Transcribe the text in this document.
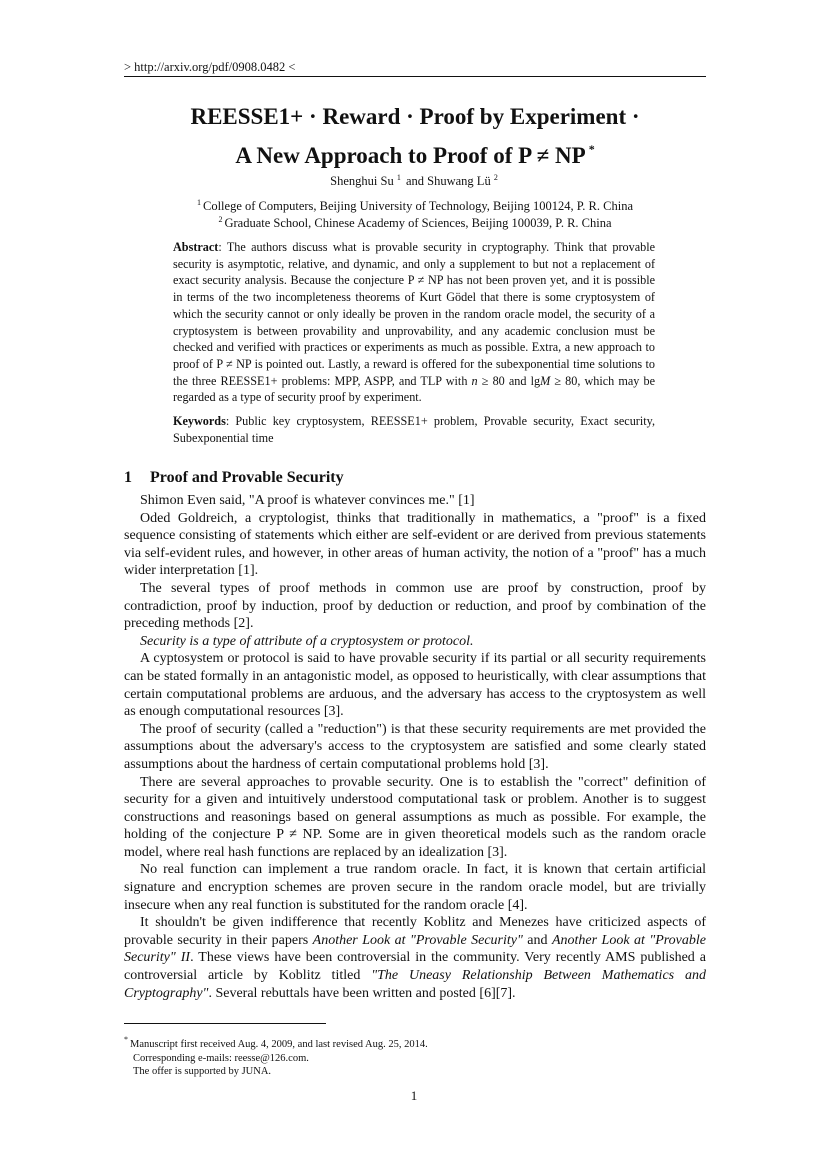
> http://arxiv.org/pdf/0908.0482 <
REESSE1+ · Reward · Proof by Experiment ·
A New Approach to Proof of P ≠ NP *
Shenghui Su $^1$ and Shuwang Lü $^2$
$^1$ College of Computers, Beijing University of Technology, Beijing 100124, P. R. China
$^2$ Graduate School, Chinese Academy of Sciences, Beijing 100039, P. R. China
Abstract: The authors discuss what is provable security in cryptography. Think that provable security is asymptotic, relative, and dynamic, and only a supplement to but not a replacement of exact security analysis. Because the conjecture P ≠ NP has not been proven yet, and it is possible in terms of the two incompleteness theorems of Kurt Gödel that there is some cryptosystem of which the security cannot or only ideally be proven in the random oracle model, the security of a cryptosystem is between provability and unprovability, and any academic conclusion must be checked and verified with practices or experiments as much as possible. Extra, a new approach to proof of P ≠ NP is pointed out. Lastly, a reward is offered for the subexponential time solutions to the three REESSE1+ problems: MPP, ASPP, and TLP with n ≥ 80 and lgM ≥ 80, which may be regarded as a type of security proof by experiment.
Keywords: Public key cryptosystem, REESSE1+ problem, Provable security, Exact security, Subexponential time
1 Proof and Provable Security

Shimon Even said, "A proof is whatever convinces me." [1]

Oded Goldreich, a cryptologist, thinks that traditionally in mathematics, a "proof" is a fixed sequence consisting of statements which either are self-evident or are derived from previous statements via self-evident rules, and however, in other areas of human activity, the notion of a "proof" has a much wider interpretation [1].

The several types of proof methods in common use are proof by construction, proof by contradiction, proof by induction, proof by deduction or reduction, and proof by combination of the preceding methods [2].

Security is a type of attribute of a cryptosystem or protocol.

A cyptosystem or protocol is said to have provable security if its partial or all security requirements can be stated formally in an antagonistic model, as opposed to heuristically, with clear assumptions that certain computational problems are arduous, and the adversary has access to the cryptosystem as well as enough computational resources [3].

The proof of security (called a "reduction") is that these security requirements are met provided the assumptions about the adversary's access to the cryptosystem are satisfied and some clearly stated assumptions about the hardness of certain computational problems hold [3].

There are several approaches to provable security. One is to establish the "correct" definition of security for a given and intuitively understood computational task or problem. Another is to suggest constructions and reasonings based on general assumptions as much as possible. For example, the holding of the conjecture P ≠ NP. Some are in given theoretical models such as the random oracle model, where real hash functions are replaced by an idealization [3].

No real function can implement a true random oracle. In fact, it is known that certain artificial signature and encryption schemes are proven secure in the random oracle model, but are trivially insecure when any real function is substituted for the random oracle [4].

It shouldn't be given indifference that recently Koblitz and Menezes have criticized aspects of provable security in their papers Another Look at "Provable Security" and Another Look at "Provable Security" II. These views have been controversial in the community. Very recently AMS published a controversial article by Koblitz titled "The Uneasy Relationship Between Mathematics and Cryptography". Several rebuttals have been written and posted [6][7].

* Manuscript first received Aug. 4, 2009, and last revised Aug. 25, 2014.
Corresponding e-mails: reesse@126.com.
The offer is supported by JUNA.
1
